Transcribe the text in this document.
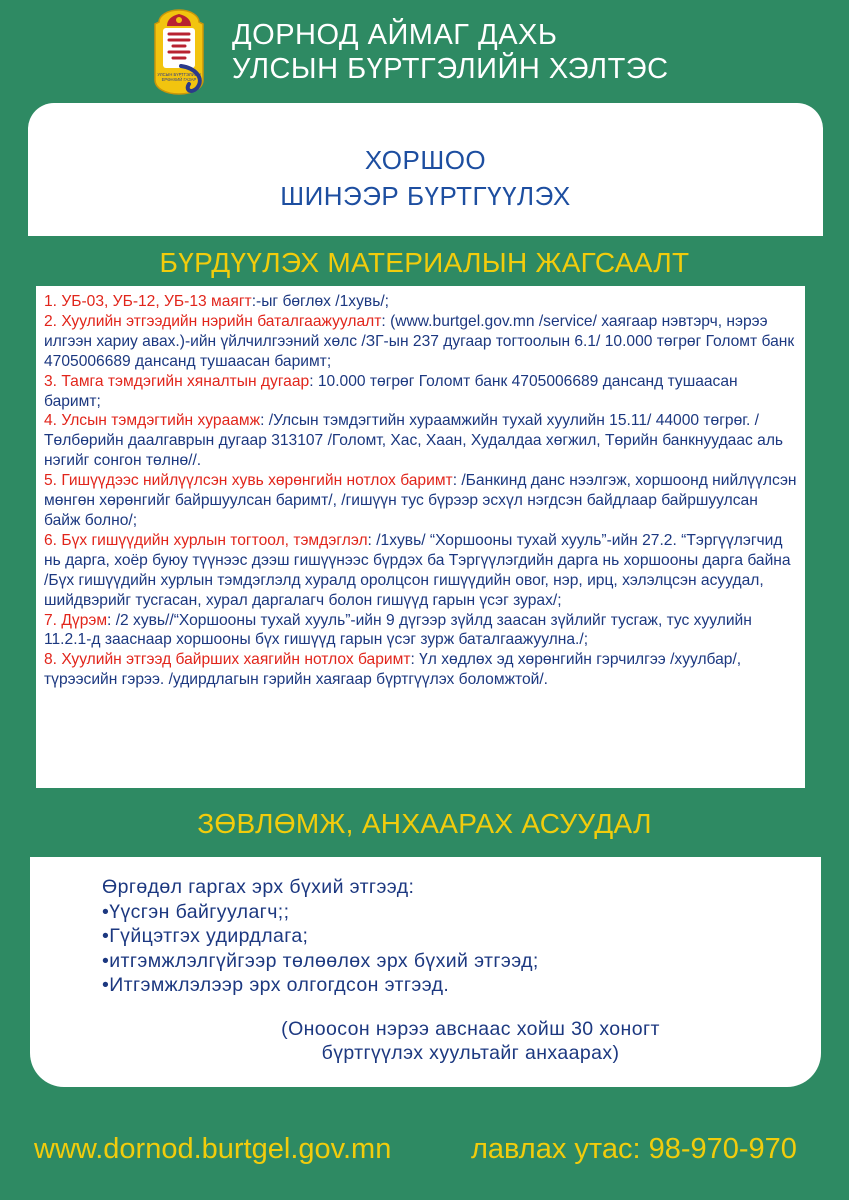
УЛСЫН БҮРТГЭЛИЙН
ЕРӨНХИЙ ГАЗАР
ДОРНОД АЙМАГ ДАХЬ
УЛСЫН БҮРТГЭЛИЙН ХЭЛТЭС
ХОРШОО
ШИНЭЭР БҮРТГҮҮЛЭХ
БҮРДҮҮЛЭХ МАТЕРИАЛЫН ЖАГСААЛТ

1. УБ-03, УБ-12, УБ-13 маягт:-ыг бөглөх /1хувь/;

2. Хуулийн этгээдийн нэрийн баталгаажуулалт: (www.burtgel.gov.mn /service/ хаягаар нэвтэрч, нэрээ илгээн хариу авах.)-ийн үйлчилгээний хөлс /ЗГ-ын 237 дугаар тогтоолын 6.1/ 10.000 төгрөг Голомт банк 4705006689 дансанд тушаасан баримт;

3. Тамга тэмдэгийн хяналтын дугаар: 10.000 төгрөг Голомт банк 4705006689 дансанд тушаасан баримт;

4. Улсын тэмдэгтийн хураамж: /Улсын тэмдэгтийн хураамжийн тухай хуулийн 15.11/ 44000 төгрөг. /Төлбөрийн даалгаврын дугаар 313107 /Голомт, Хас, Хаан, Худалдаа хөгжил, Төрийн банкнуудаас аль нэгийг сонгон төлнө//.

5. Гишүүдээс нийлүүлсэн хувь хөрөнгийн нотлох баримт: /Банкинд данс нээлгэж, хоршоонд нийлүүлсэн мөнгөн хөрөнгийг байршуулсан баримт/, /гишүүн тус бүрээр эсхүл нэгдсэн байдлаар байршуулсан байж болно/;

6. Бүх гишүүдийн хурлын тогтоол, тэмдэглэл: /1хувь/ “Хоршооны тухай хууль”-ийн 27.2. “Тэргүүлэгчид нь дарга, хоёр буюу түүнээс дээш гишүүнээс бүрдэх ба Тэргүүлэгдийн дарга нь хоршооны дарга байна /Бүх гишүүдийн хурлын тэмдэглэлд хуралд оролцсон гишүүдийн овог, нэр, ирц, хэлэлцсэн асуудал, шийдвэрийг тусгасан, хурал даргалагч болон гишүүд гарын үсэг зурах/;

7. Дүрэм: /2 хувь//“Хоршооны тухай хууль”-ийн 9 дүгээр зүйлд заасан зүйлийг тусгаж, тус хуулийн 11.2.1-д зааснаар хоршооны бүх гишүүд гарын үсэг зурж баталгаажуулна./;

8. Хуулийн этгээд байрших хаягийн нотлох баримт: Үл хөдлөх эд хөрөнгийн гэрчилгээ /хуулбар/, түрээсийн гэрээ. /удирдлагын гэрийн хаягаар бүртгүүлэх боломжтой/.

ЗӨВЛӨМЖ, АНХААРАХ АСУУДАЛ
Өргөдөл гаргах эрх бүхий этгээд:
•Үүсгэн байгуулагч;;
•Гүйцэтгэх удирдлага;
•итгэмжлэлгүйгээр төлөөлөх эрх бүхий этгээд;
•Итгэмжлэлээр эрх олгогдсон этгээд.
(Оноосон нэрээ авснаас хойш 30 хоногт
бүртгүүлэх хуультайг анхаарах)
www.dornod.burtgel.gov.mn	лавлах утас: 98-970-970
